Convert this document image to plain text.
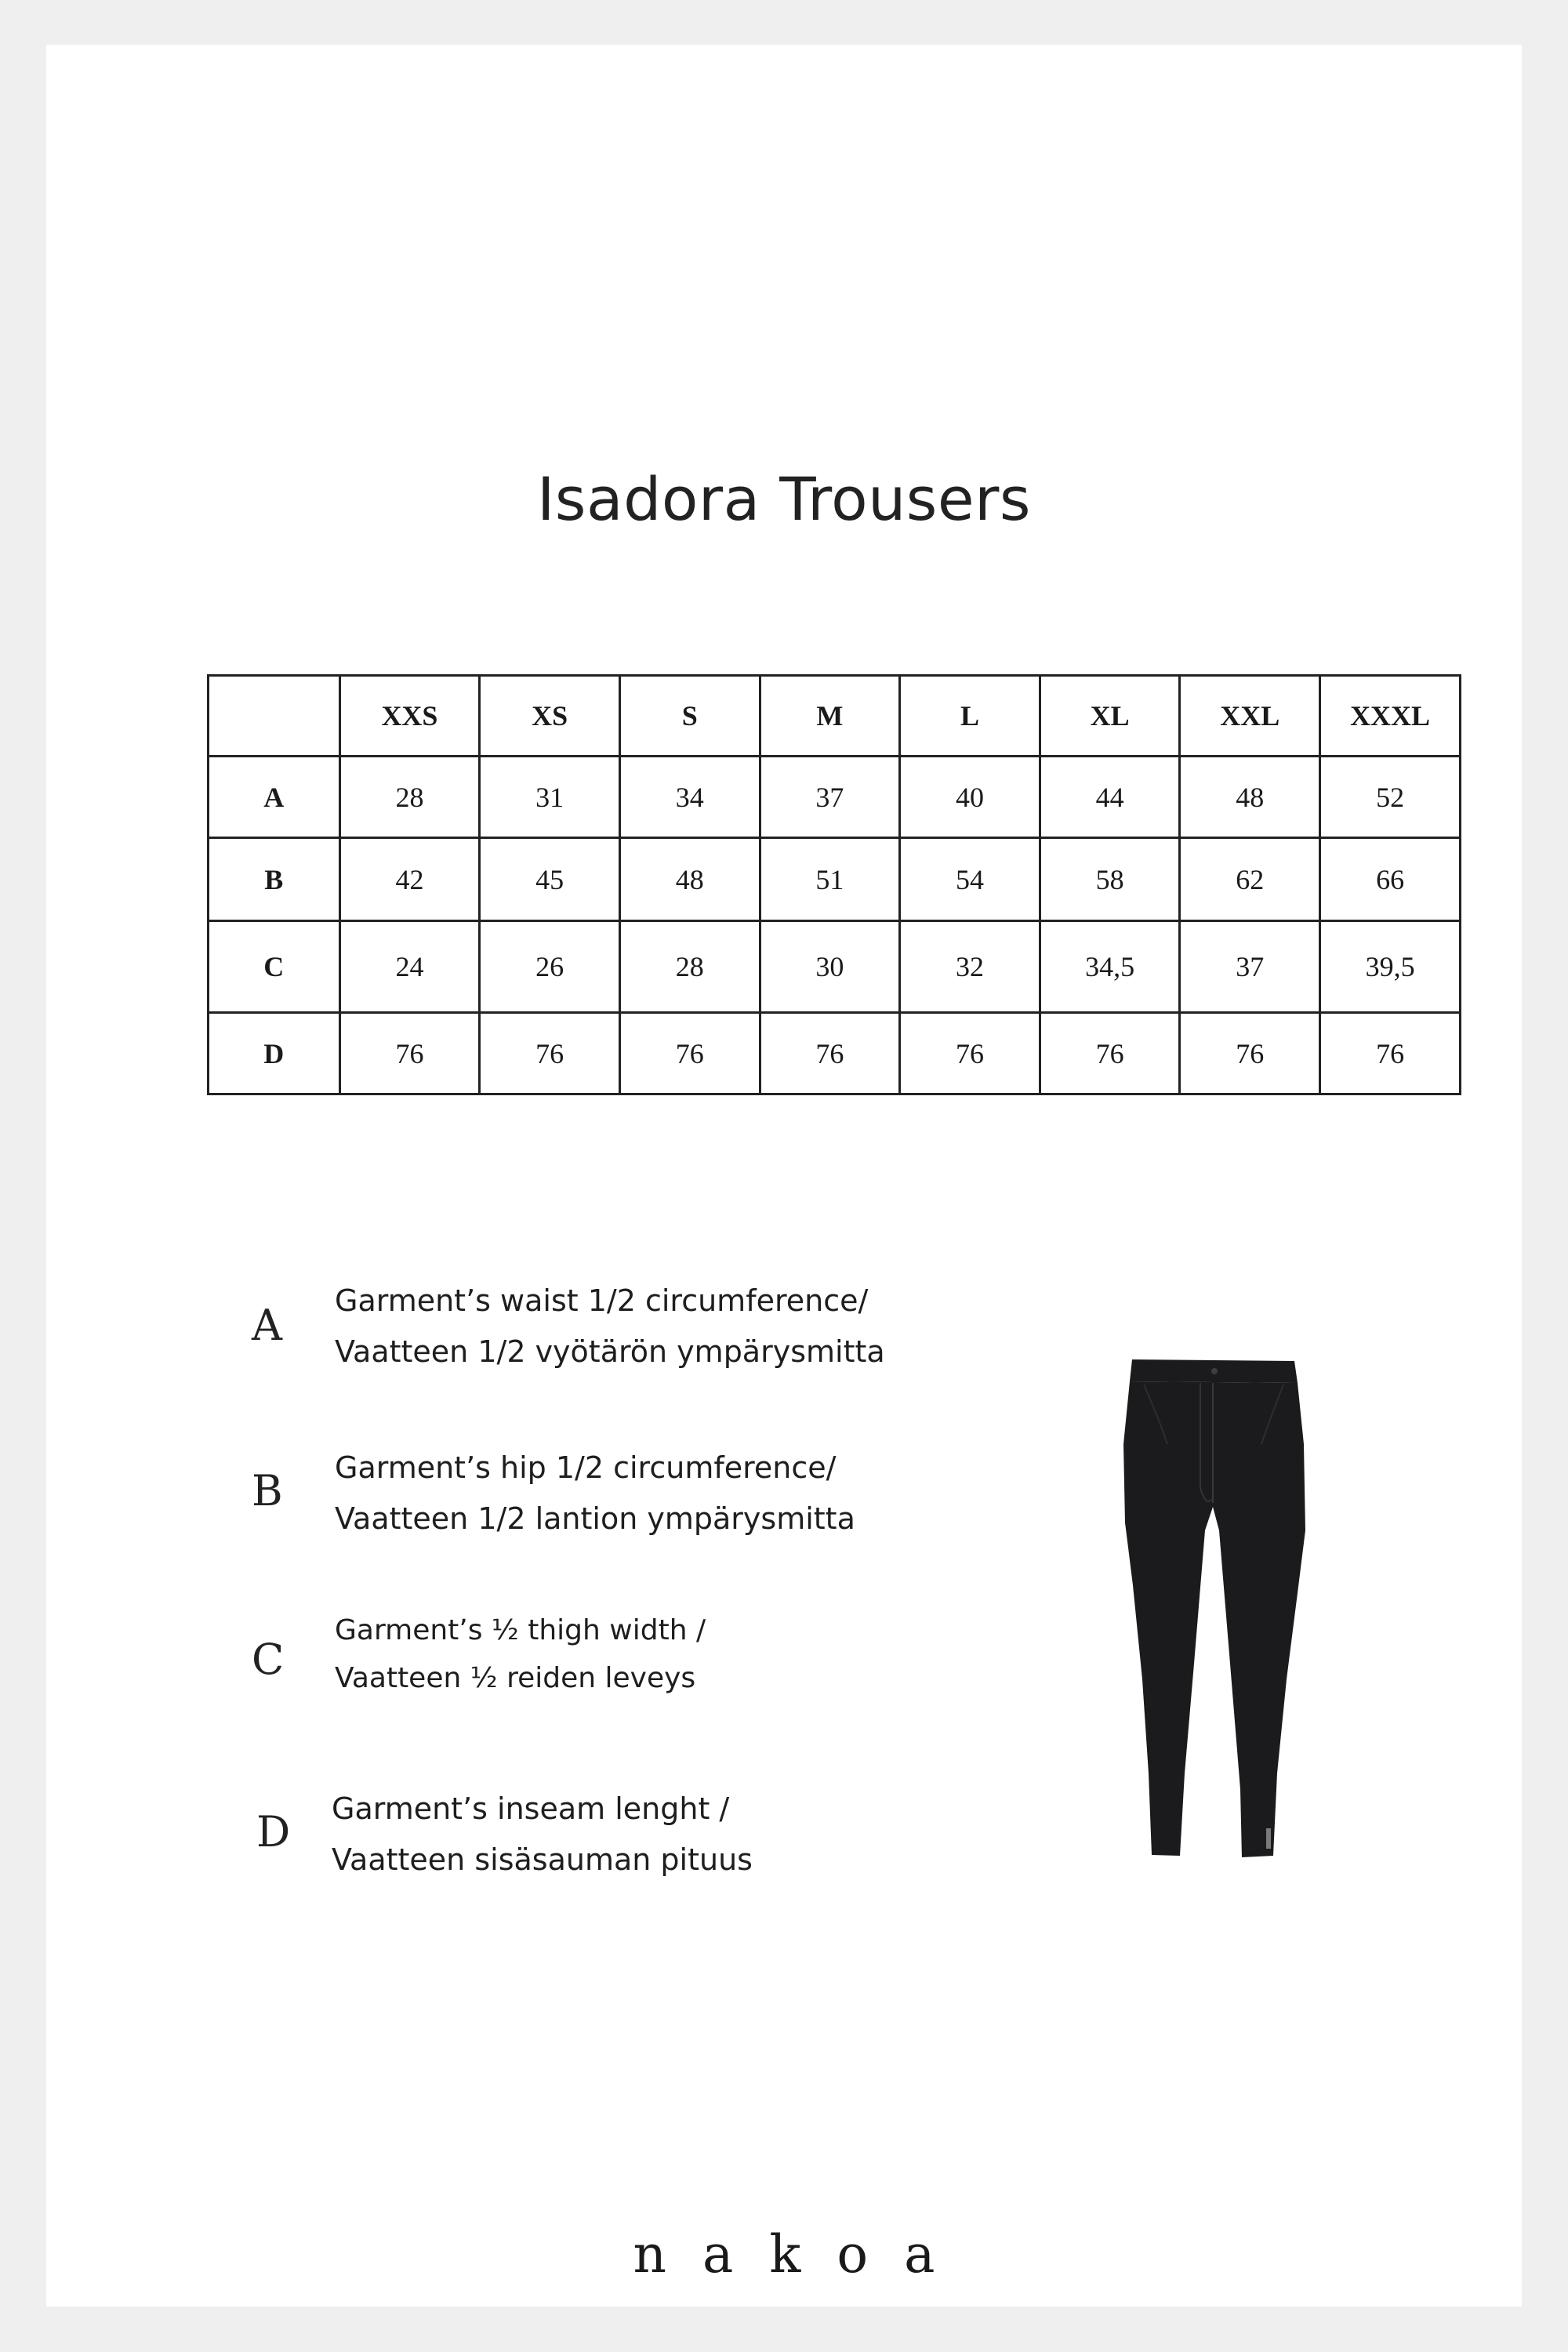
Isadora Trousers
	XXS	XS	S	M	L	XL	XXL	XXXL
A	28	31	34	37	40	44	48	52
B	42	45	48	51	54	58	62	66
C	24	26	28	30	32	34,5	37	39,5
D	76	76	76	76	76	76	76	76
A Garment’s waist 1/2 circumference/
Vaatteen 1/2 vyötärön ympärysmitta
B Garment’s hip 1/2 circumference/
Vaatteen 1/2 lantion ympärysmitta
C
Garment’s ½ thigh width /
Vaatteen ½ reiden leveys
D Garment’s inseam lenght /
Vaatteen sisäsauman pituus
nakoa
